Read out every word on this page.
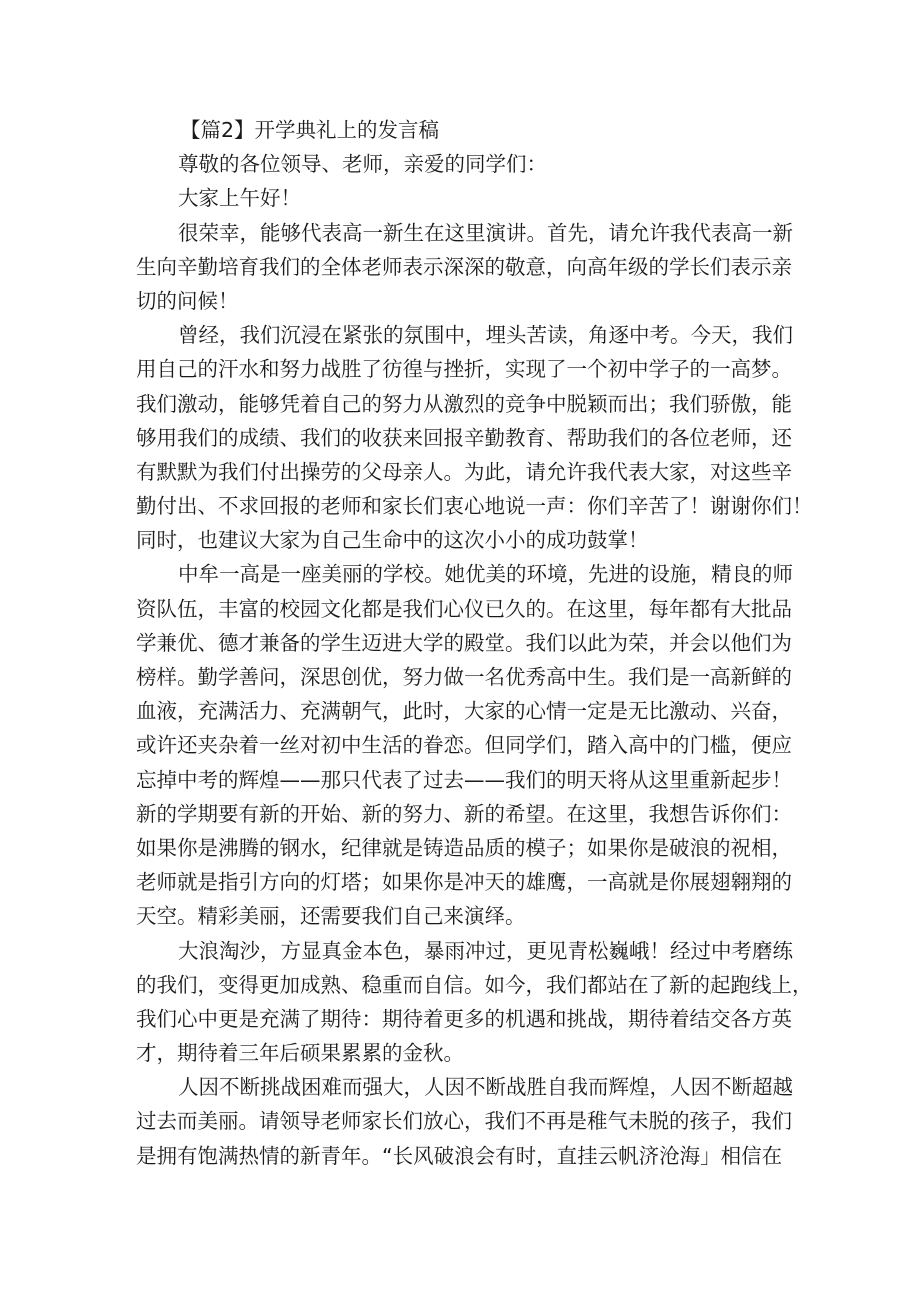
【篇2】开学典礼上的发言稿
尊敬的各位领导、老师，亲爱的同学们：
大家上午好！
很荣幸，能够代表高一新生在这里演讲。首先，请允许我代表高一新
生向辛勤培育我们的全体老师表示深深的敬意，向高年级的学长们表示亲
切的问候！
曾经，我们沉浸在紧张的氛围中，埋头苦读，角逐中考。今天，我们
用自己的汗水和努力战胜了彷徨与挫折，实现了一个初中学子的一高梦。
我们激动，能够凭着自己的努力从激烈的竞争中脱颖而出；我们骄傲，能
够用我们的成绩、我们的收获来回报辛勤教育、帮助我们的各位老师，还
有默默为我们付出操劳的父母亲人。为此，请允许我代表大家，对这些辛
勤付出、不求回报的老师和家长们衷心地说一声：你们辛苦了！谢谢你们！
同时，也建议大家为自己生命中的这次小小的成功鼓掌！
中牟一高是一座美丽的学校。她优美的环境，先进的设施，精良的师
资队伍，丰富的校园文化都是我们心仪已久的。在这里，每年都有大批品
学兼优、德才兼备的学生迈进大学的殿堂。我们以此为荣，并会以他们为
榜样。勤学善问，深思创优，努力做一名优秀高中生。我们是一高新鲜的
血液，充满活力、充满朝气，此时，大家的心情一定是无比激动、兴奋，
或许还夹杂着一丝对初中生活的眷恋。但同学们，踏入高中的门槛，便应
忘掉中考的辉煌——那只代表了过去——我们的明天将从这里重新起步！
新的学期要有新的开始、新的努力、新的希望。在这里，我想告诉你们：
如果你是沸腾的钢水，纪律就是铸造品质的模子；如果你是破浪的祝相，
老师就是指引方向的灯塔；如果你是冲天的雄鹰，一高就是你展翅翱翔的
天空。精彩美丽，还需要我们自己来演绎。
大浪淘沙，方显真金本色，暴雨冲过，更见青松巍峨！经过中考磨练
的我们，变得更加成熟、稳重而自信。如今，我们都站在了新的起跑线上，
我们心中更是充满了期待：期待着更多的机遇和挑战，期待着结交各方英
才，期待着三年后硕果累累的金秋。
人因不断挑战困难而强大，人因不断战胜自我而辉煌，人因不断超越
过去而美丽。请领导老师家长们放心，我们不再是稚气未脱的孩子，我们
是拥有饱满热情的新青年。“长风破浪会有时，直挂云帆济沧海」相信在
